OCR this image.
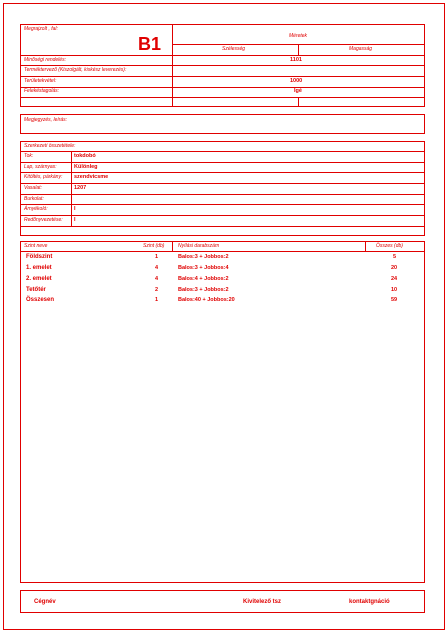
Megrajzolt , fal:
B1	Méretek
Szélesség	Magasság
Minőségi rendelés:	1101
Terméktervező (Kiszolgált, kiskész leverezés):
Területekvétel:	1000
Felekéstagolás:	Igé
Megjegyzés, leírás:
Szerkezeti összetétele:
Tok:	tokdobó
Lap, szárnyas:	Különleg
Kitöltés, párkány: szendvicsme
Vasalat:	1207
Burkolat:
Árnyékoló:	I
Redőnyvezetése: I
Szint neve	Szint (db)	Nyílási darabszám	Összes (db)
Földszint	1	Balos:3 + Jobbos:2	5
1. emelet	4	Balos:3 + Jobbos:4	20
2. emelet	4	Balos:4 + Jobbos:2	24
Tetőtér	2	Balos:3 + Jobbos:2	10
Összesen	1	Balos:40 + Jobbos:20	59
Cégnév	Kivitelező tsz	kontaktgnáció
